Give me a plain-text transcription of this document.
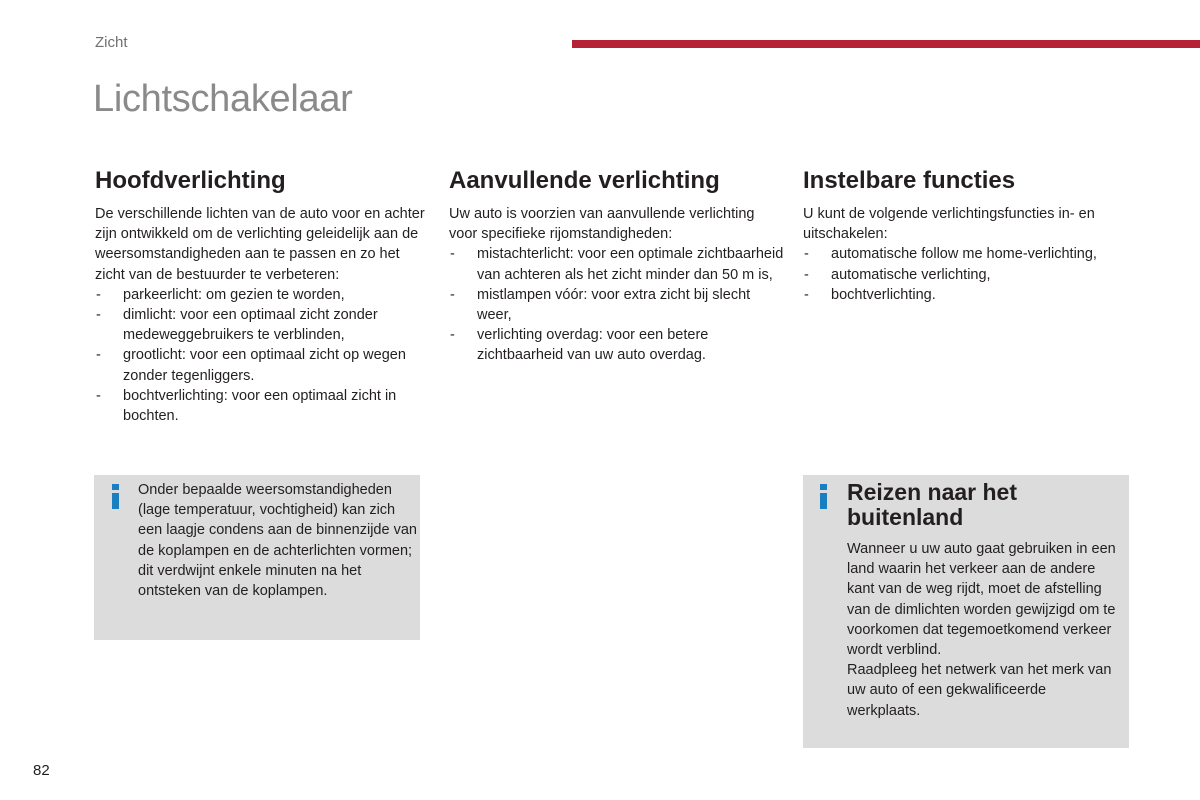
Zicht
Lichtschakelaar
Hoofdverlichting

De verschillende lichten van de auto voor en achter zijn ontwikkeld om de verlichting geleidelijk aan de weersomstandigheden aan te passen en zo het zicht van de bestuurder te verbeteren:

- parkeerlicht: om gezien te worden,
- dimlicht: voor een optimaal zicht zonder medeweggebruikers te verblinden,
- grootlicht: voor een optimaal zicht op wegen zonder tegenliggers.
- bochtverlichting: voor een optimaal zicht in bochten.
Aanvullende verlichting

Uw auto is voorzien van aanvullende verlichting voor specifieke rijomstandigheden:

- mistachterlicht: voor een optimale zichtbaarheid van achteren als het zicht minder dan 50 m is,
- mistlampen vóór: voor extra zicht bij slecht weer,
- verlichting overdag: voor een betere zichtbaarheid van uw auto overdag.
Instelbare functies

U kunt de volgende verlichtingsfuncties in- en uitschakelen:

- automatische follow me home-verlichting,
- automatische verlichting,
- bochtverlichting.
Onder bepaalde weersomstandigheden (lage temperatuur, vochtigheid) kan zich een laagje condens aan de binnenzijde van de koplampen en de achterlichten vormen; dit verdwijnt enkele minuten na het ontsteken van de koplampen.
Reizen naar het buitenland

Wanneer u uw auto gaat gebruiken in een land waarin het verkeer aan de andere kant van de weg rijdt, moet de afstelling van de dimlichten worden gewijzigd om te voorkomen dat tegemoetkomend verkeer wordt verblind.

Raadpleeg het netwerk van het merk van uw auto of een gekwalificeerde werkplaats.

82
